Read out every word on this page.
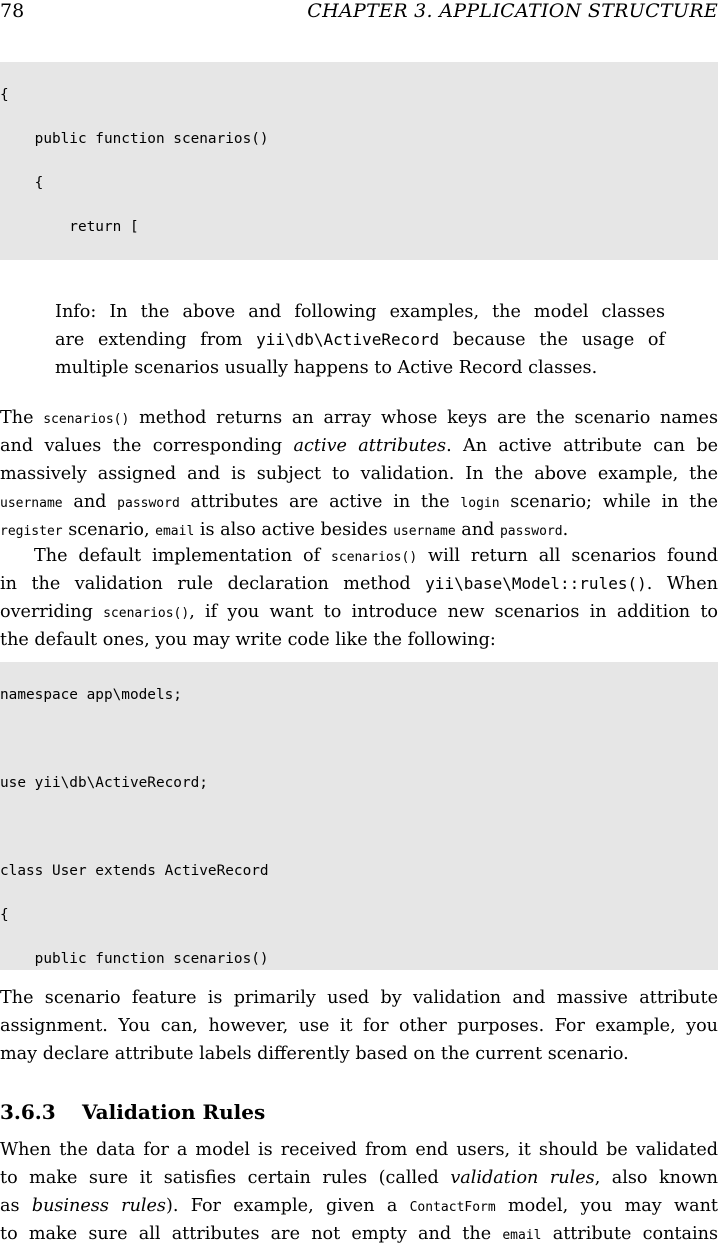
78	CHAPTER 3. APPLICATION STRUCTURE

{

public function scenarios()

{

return [

Info: In the above and following examples, the model classes
are extending from yii\db\ActiveRecord because the usage of
multiple scenarios usually happens to Active Record classes.
The scenarios() method returns an array whose keys are the scenario names
and values the corresponding active attributes. An active attribute can be
massively assigned and is subject to validation. In the above example, the
username and password attributes are active in the login scenario; while in the
register scenario, email is also active besides username and password.
The default implementation of scenarios() will return all scenarios found
in the validation rule declaration method yii\base\Model::rules(). When
overriding scenarios(), if you want to introduce new scenarios in addition to
the default ones, you may write code like the following:

namespace app\models;

use yii\db\ActiveRecord;

class User extends ActiveRecord

{

public function scenarios()

The scenario feature is primarily used by validation and massive attribute
assignment. You can, however, use it for other purposes. For example, you
may declare attribute labels differently based on the current scenario.
3.6.3 Validation Rules
When the data for a model is received from end users, it should be validated
to make sure it satisfies certain rules (called validation rules, also known
as business rules). For example, given a ContactForm model, you may want
to make sure all attributes are not empty and the email attribute contains
